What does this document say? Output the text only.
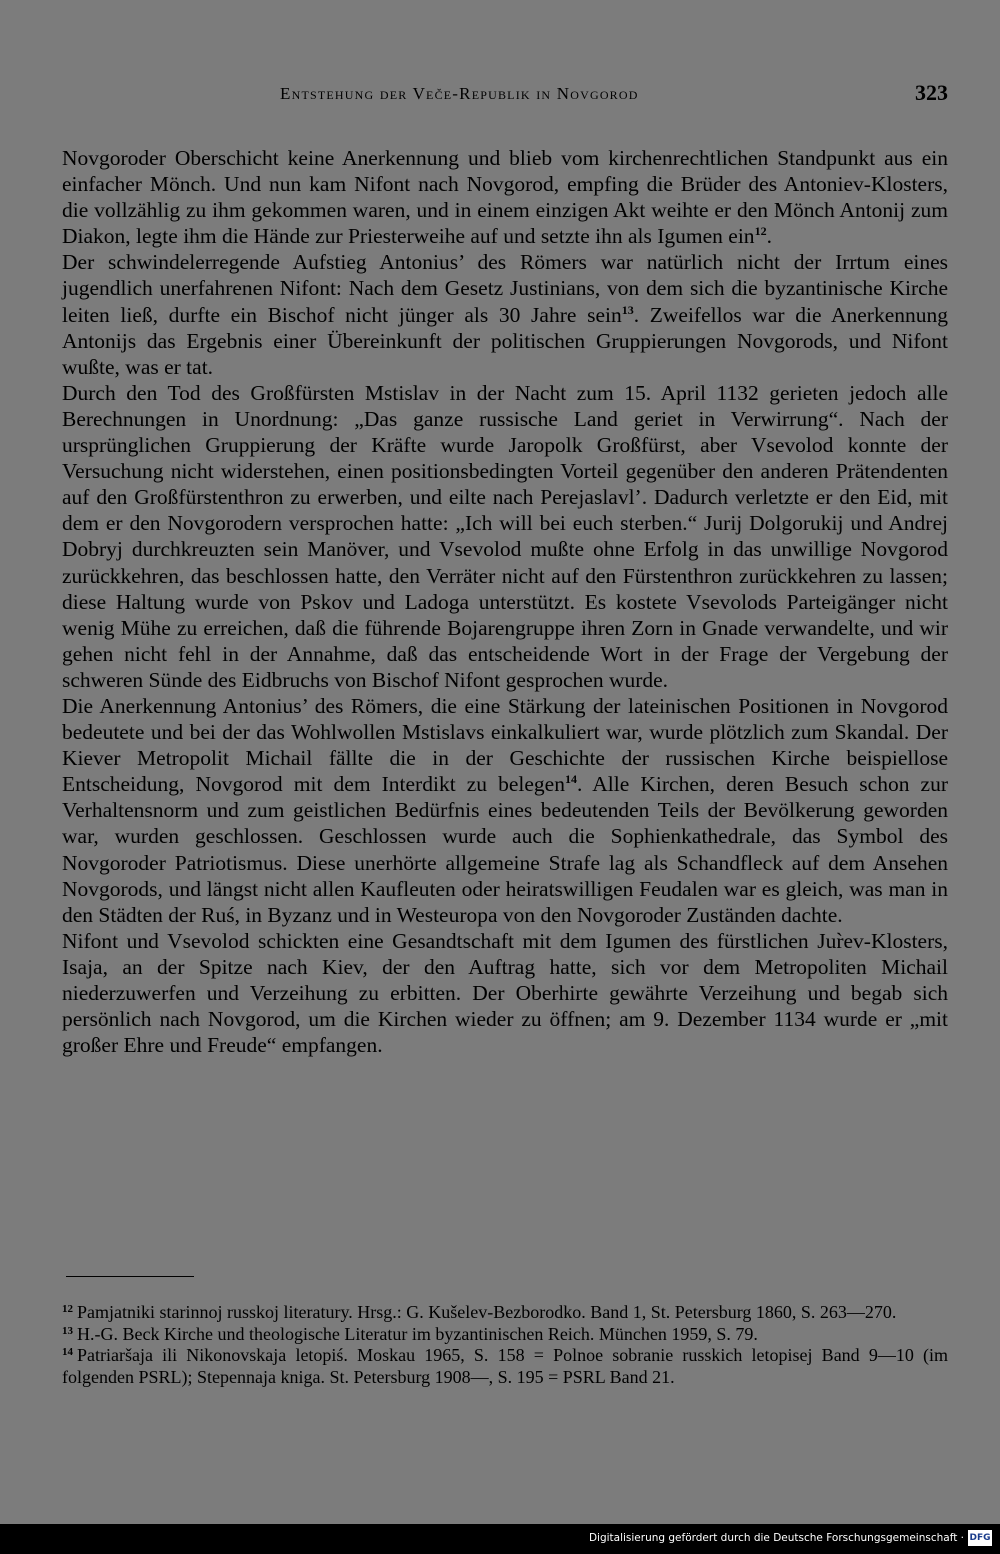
Entstehung der Veče-Republik in Novgorod	323

Novgoroder Oberschicht keine Anerkennung und blieb vom kirchenrechtlichen Standpunkt aus ein einfacher Mönch. Und nun kam Nifont nach Novgorod, empfing die Brüder des Antoniev-Klosters, die vollzählig zu ihm gekommen waren, und in einem einzigen Akt weihte er den Mönch Antonij zum Diakon, legte ihm die Hände zur Priesterweihe auf und setzte ihn als Igumen ein$^{12}$.

Der schwindelerregende Aufstieg Antonius’ des Römers war natürlich nicht der Irrtum eines jugendlich unerfahrenen Nifont: Nach dem Gesetz Justinians, von dem sich die byzantinische Kirche leiten ließ, durfte ein Bischof nicht jünger als 30 Jahre sein$^{13}$. Zweifellos war die Anerkennung Antonijs das Ergebnis einer Übereinkunft der politischen Gruppierungen Novgorods, und Nifont wußte, was er tat.

Durch den Tod des Großfürsten Mstislav in der Nacht zum 15. April 1132 gerieten jedoch alle Berechnungen in Unordnung: „Das ganze russische Land geriet in Verwirrung“. Nach der ursprünglichen Gruppierung der Kräfte wurde Jaropolk Großfürst, aber Vsevolod konnte der Versuchung nicht widerstehen, einen positionsbedingten Vorteil gegenüber den anderen Prätendenten auf den Großfürstenthron zu erwerben, und eilte nach Perejaslavl’. Dadurch verletzte er den Eid, mit dem er den Novgorodern versprochen hatte: „Ich will bei euch sterben.“ Jurij Dolgorukij und Andrej Dobryj durchkreuzten sein Manöver, und Vsevolod mußte ohne Erfolg in das unwillige Novgorod zurückkehren, das beschlossen hatte, den Verräter nicht auf den Fürstenthron zurückkehren zu lassen; diese Haltung wurde von Pskov und Ladoga unterstützt. Es kostete Vsevolods Parteigänger nicht wenig Mühe zu erreichen, daß die führende Bojarengruppe ihren Zorn in Gnade verwandelte, und wir gehen nicht fehl in der Annahme, daß das entscheidende Wort in der Frage der Vergebung der schweren Sünde des Eidbruchs von Bischof Nifont gesprochen wurde.

Die Anerkennung Antonius’ des Römers, die eine Stärkung der lateinischen Positionen in Novgorod bedeutete und bei der das Wohlwollen Mstislavs einkalkuliert war, wurde plötzlich zum Skandal. Der Kiever Metropolit Michail fällte die in der Geschichte der russischen Kirche beispiellose Entscheidung, Novgorod mit dem Interdikt zu belegen$^{14}$. Alle Kirchen, deren Besuch schon zur Verhaltensnorm und zum geistlichen Bedürfnis eines bedeutenden Teils der Bevölkerung geworden war, wurden geschlossen. Geschlossen wurde auch die Sophienkathedrale, das Symbol des Novgoroder Patriotismus. Diese unerhörte allgemeine Strafe lag als Schandfleck auf dem Ansehen Novgorods, und längst nicht allen Kaufleuten oder heiratswilligen Feudalen war es gleich, was man in den Städten der Ruś, in Byzanz und in Westeuropa von den Novgoroder Zuständen dachte.

Nifont und Vsevolod schickten eine Gesandtschaft mit dem Igumen des fürstlichen Jur̀ev-Klosters, Isaja, an der Spitze nach Kiev, der den Auftrag hatte, sich vor dem Metropoliten Michail niederzuwerfen und Verzeihung zu erbitten. Der Oberhirte gewährte Verzeihung und begab sich persönlich nach Novgorod, um die Kirchen wieder zu öffnen; am 9. Dezember 1134 wurde er „mit großer Ehre und Freude“ empfangen.

$^{12}$ Pamjatniki starinnoj russkoj literatury. Hrsg.: G. Kušelev-Bezborodko. Band 1, St. Petersburg 1860, S. 263—270.

$^{13}$ H.-G. Beck Kirche und theologische Literatur im byzantinischen Reich. München 1959, S. 79.

$^{14}$ Patriaršaja ili Nikonovskaja letopiś. Moskau 1965, S. 158 = Polnoe sobranie russkich letopisej Band 9—10 (im folgenden PSRL); Stepennaja kniga. St. Petersburg 1908—, S. 195 = PSRL Band 21.

Digitalisierung gefördert durch die Deutsche Forschungsgemeinschaft · DFG
